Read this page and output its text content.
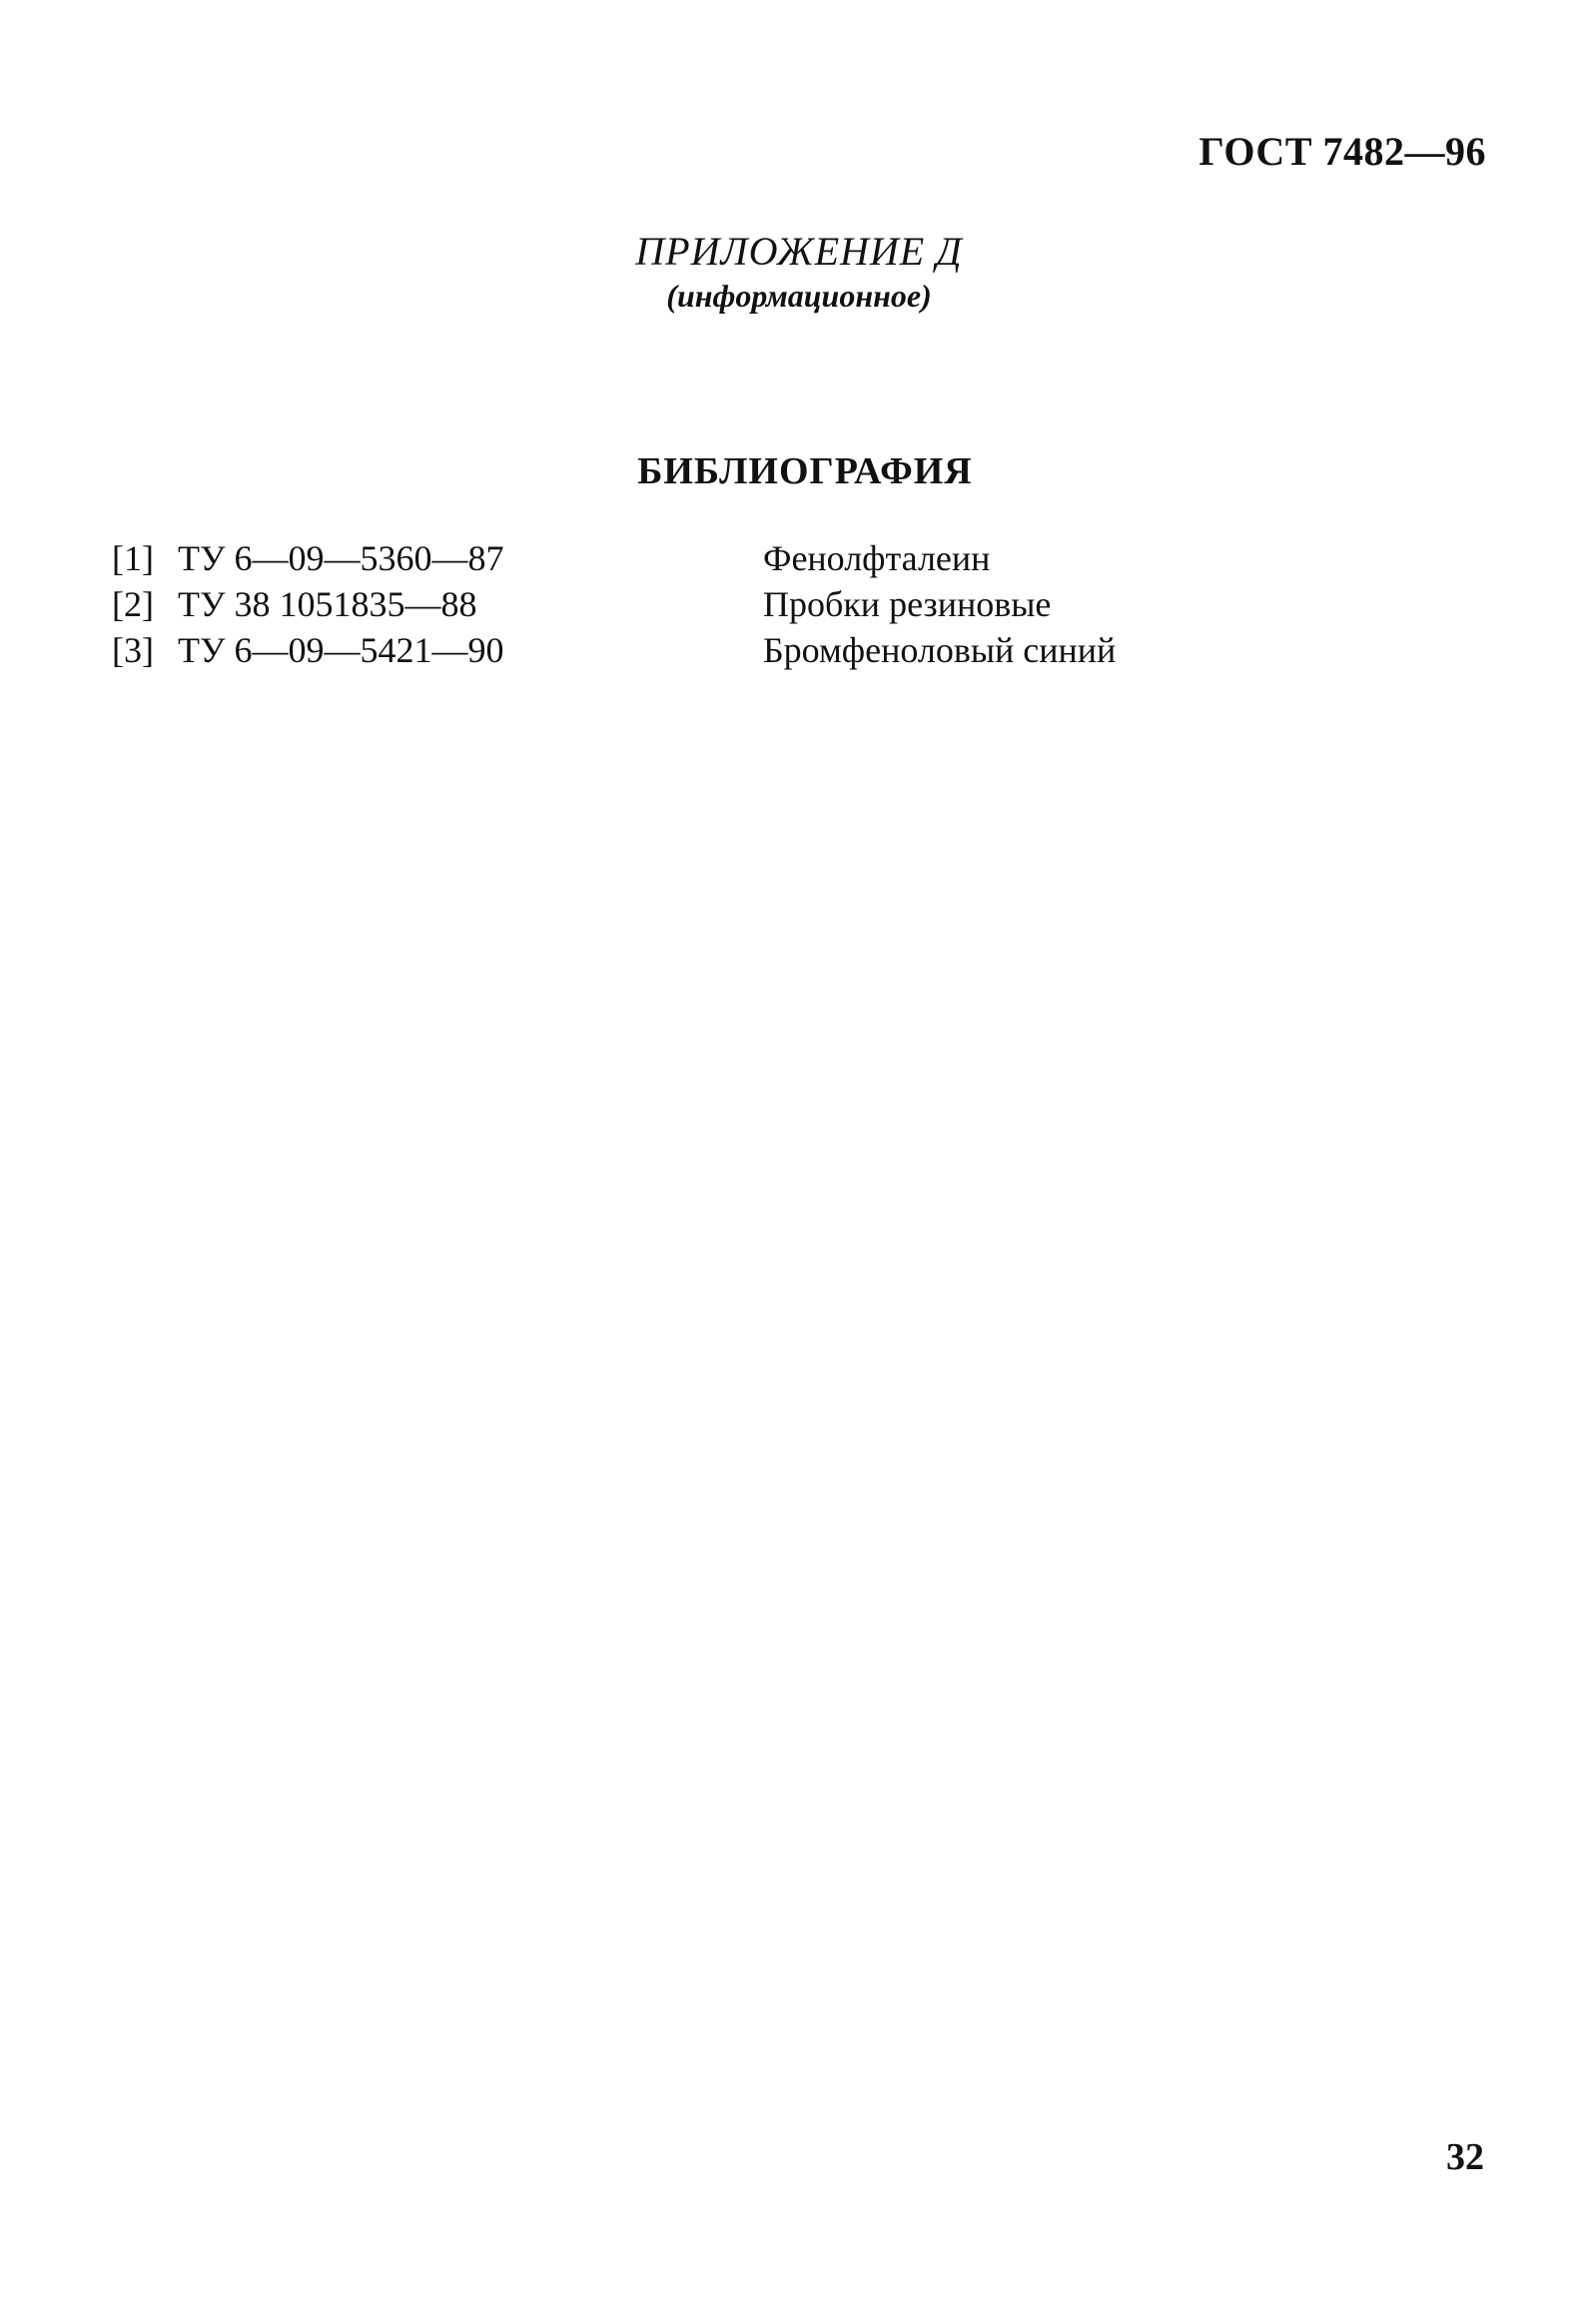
ГОСТ 7482—96
ПРИЛОЖЕНИЕ Д
(информационное)
БИБЛИОГРАФИЯ
[1] ТУ 6—09—5360—87	Фенолфталеин
[2] ТУ 38 1051835—88	Пробки резиновые
[3] ТУ 6—09—5421—90	Бромфеноловый синий
32
